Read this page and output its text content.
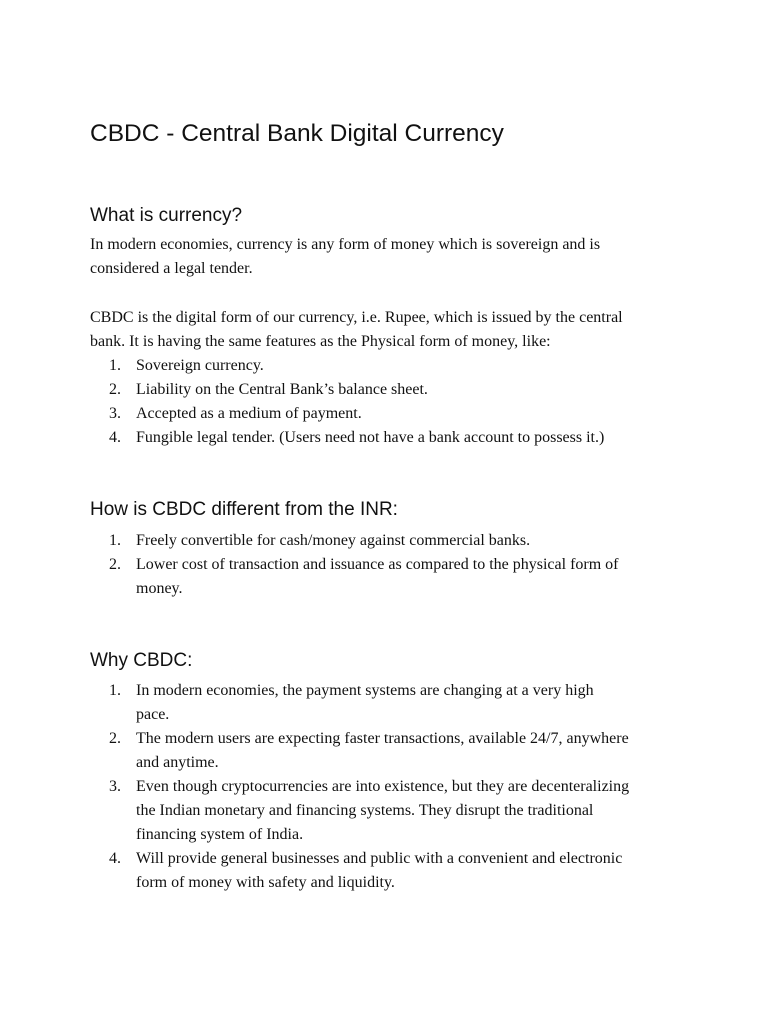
CBDC - Central Bank Digital Currency
What is currency?

In modern economies, currency is any form of money which is sovereign and is
considered a legal tender.

CBDC is the digital form of our currency, i.e. Rupee, which is issued by the central
bank. It is having the same features as the Physical form of money, like:

1. Sovereign currency.
2. Liability on the Central Bank’s balance sheet.
3. Accepted as a medium of payment.
4. Fungible legal tender. (Users need not have a bank account to possess it.)
How is CBDC different from the INR:
1. Freely convertible for cash/money against commercial banks.
2. Lower cost of transaction and issuance as compared to the physical form of
money.
Why CBDC:
1. In modern economies, the payment systems are changing at a very high
pace.
2. The modern users are expecting faster transactions, available 24/7, anywhere
and anytime.
3. Even though cryptocurrencies are into existence, but they are decenteralizing
the Indian monetary and financing systems. They disrupt the traditional
financing system of India.
4. Will provide general businesses and public with a convenient and electronic
form of money with safety and liquidity.
